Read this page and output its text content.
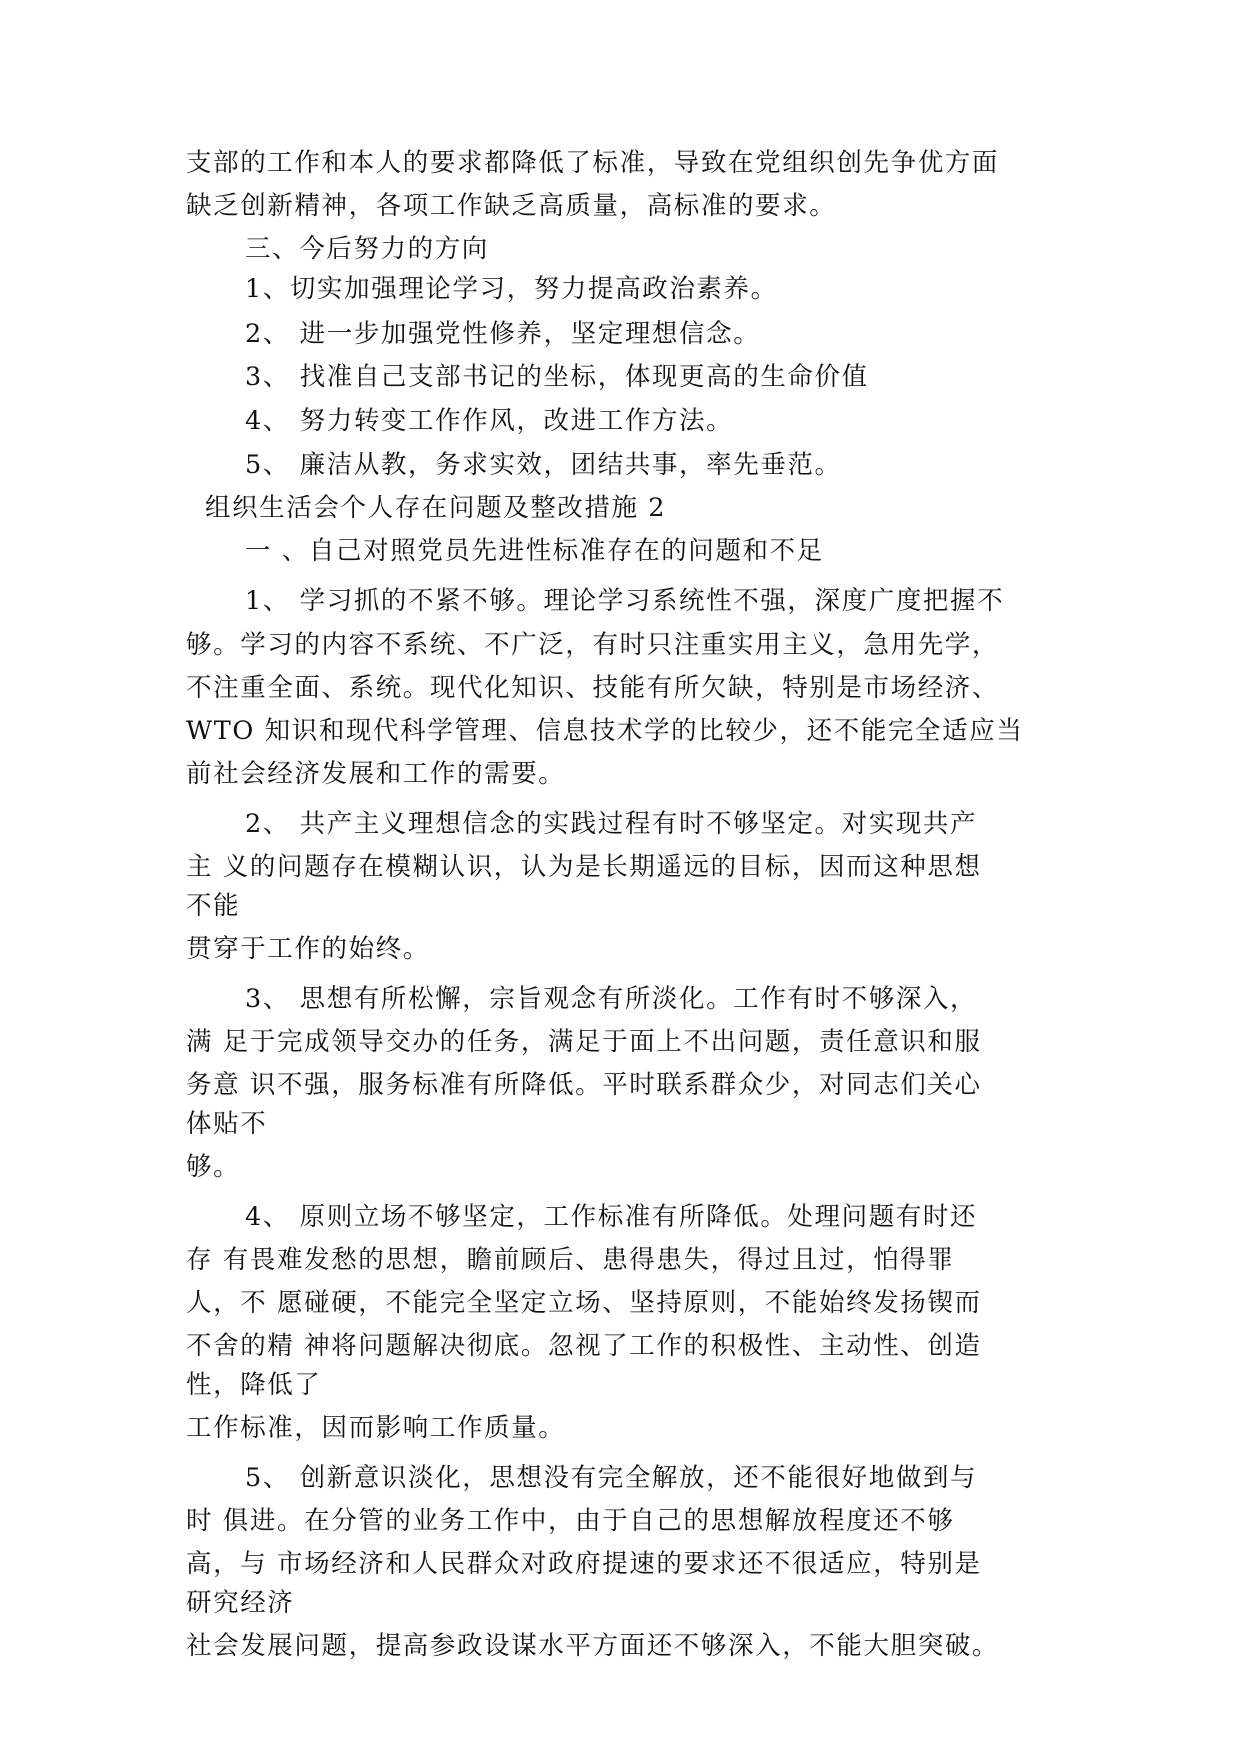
支部的工作和本人的要求都降低了标准，导致在党组织创先争优方面
缺乏创新精神，各项工作缺乏高质量，高标准的要求。
三、今后努力的方向
1、切实加强理论学习，努力提高政治素养。
2、 进一步加强党性修养，坚定理想信念。
3、 找准自己支部书记的坐标，体现更高的生命价值
4、 努力转变工作作风，改进工作方法。
5、 廉洁从教，务求实效，团结共事，率先垂范。
组织生活会个人存在问题及整改措施 2
一 、自己对照党员先进性标准存在的问题和不足
1、 学习抓的不紧不够。理论学习系统性不强，深度广度把握不
够。学习的内容不系统、不广泛，有时只注重实用主义，急用先学，
不注重全面、系统。现代化知识、技能有所欠缺，特别是市场经济、
WTO 知识和现代科学管理、信息技术学的比较少，还不能完全适应当
前社会经济发展和工作的需要。
2、 共产主义理想信念的实践过程有时不够坚定。对实现共产
主 义的问题存在模糊认识，认为是长期遥远的目标，因而这种思想
不能
贯穿于工作的始终。
3、 思想有所松懈，宗旨观念有所淡化。工作有时不够深入，
满 足于完成领导交办的任务，满足于面上不出问题，责任意识和服
务意 识不强，服务标准有所降低。平时联系群众少，对同志们关心
体贴不
够。
4、 原则立场不够坚定，工作标准有所降低。处理问题有时还
存 有畏难发愁的思想，瞻前顾后、患得患失，得过且过，怕得罪
人，不 愿碰硬，不能完全坚定立场、坚持原则，不能始终发扬锲而
不舍的精 神将问题解决彻底。忽视了工作的积极性、主动性、创造
性，降低了
工作标准，因而影响工作质量。
5、 创新意识淡化，思想没有完全解放，还不能很好地做到与
时 俱进。在分管的业务工作中，由于自己的思想解放程度还不够
高，与 市场经济和人民群众对政府提速的要求还不很适应，特别是
研究经济
社会发展问题，提高参政设谋水平方面还不够深入，不能大胆突破。
